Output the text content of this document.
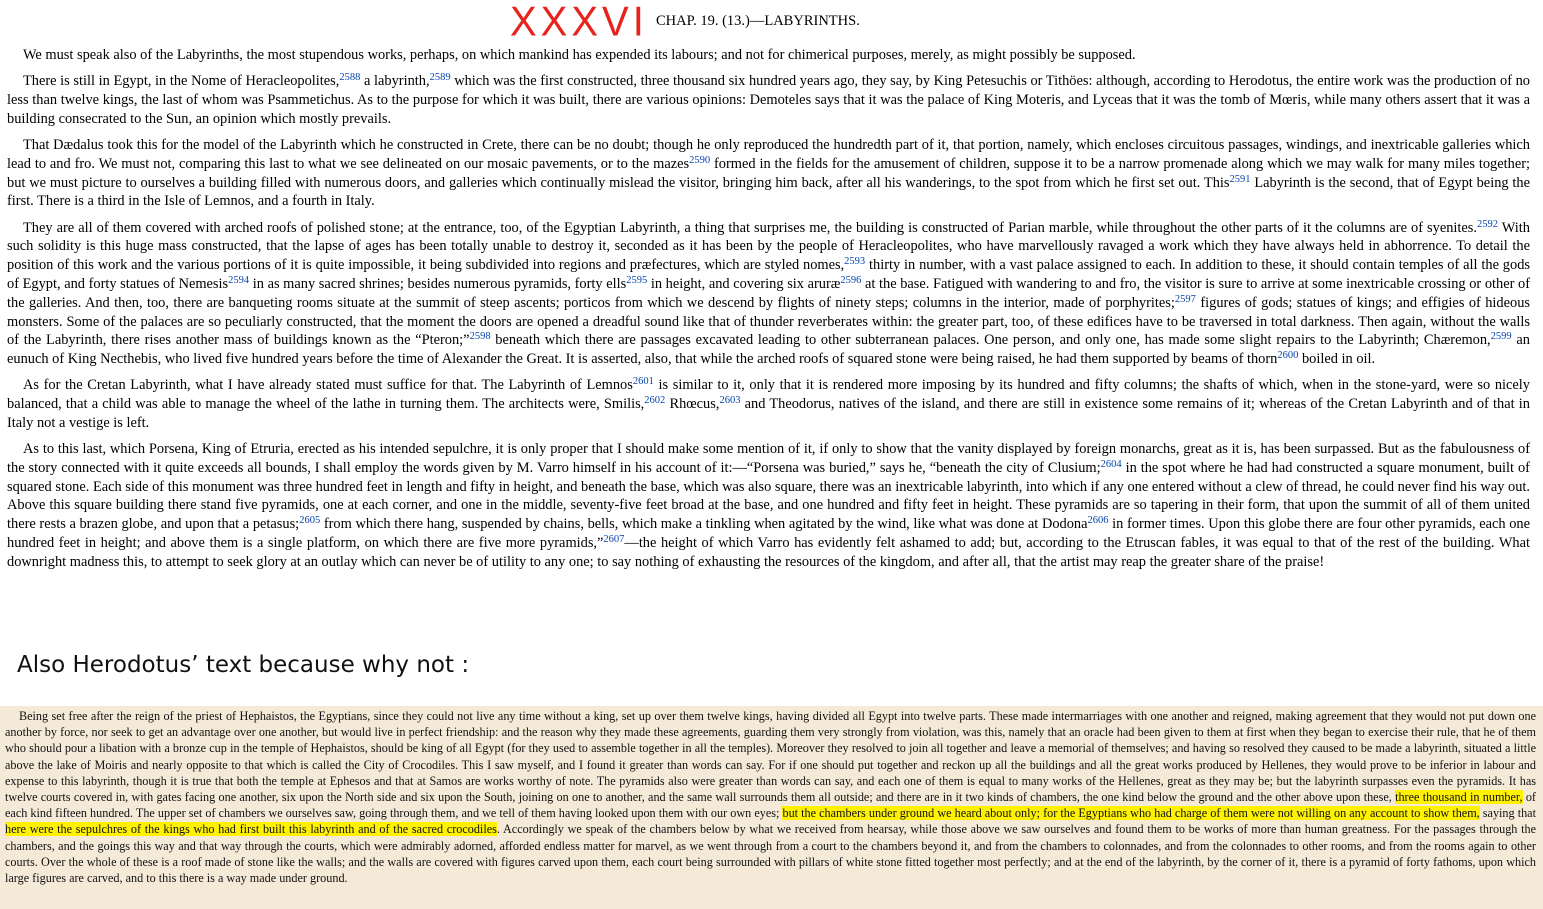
XXXVI CHAP. 19. (13.)—LABYRINTHS.

We must speak also of the Labyrinths, the most stupendous works, perhaps, on which mankind has expended its labours; and not for chimerical purposes, merely, as might possibly be supposed.

There is still in Egypt, in the Nome of Heracleopolites,$^{2588}$ a labyrinth,$^{2589}$ which was the first constructed, three thousand six hundred years ago, they say, by King Petesuchis or Tithöes: although, according to Herodotus, the entire work was the production of no less than twelve kings, the last of whom was Psammetichus. As to the purpose for which it was built, there are various opinions: Demoteles says that it was the palace of King Moteris, and Lyceas that it was the tomb of Mœris, while many others assert that it was a building consecrated to the Sun, an opinion which mostly prevails.

That Dædalus took this for the model of the Labyrinth which he constructed in Crete, there can be no doubt; though he only reproduced the hundredth part of it, that portion, namely, which encloses circuitous passages, windings, and inextricable galleries which lead to and fro. We must not, comparing this last to what we see delineated on our mosaic pavements, or to the mazes$^{2590}$ formed in the fields for the amusement of children, suppose it to be a narrow promenade along which we may walk for many miles together; but we must picture to ourselves a building filled with numerous doors, and galleries which continually mislead the visitor, bringing him back, after all his wanderings, to the spot from which he first set out. This$^{2591}$ Labyrinth is the second, that of Egypt being the first. There is a third in the Isle of Lemnos, and a fourth in Italy.

They are all of them covered with arched roofs of polished stone; at the entrance, too, of the Egyptian Labyrinth, a thing that surprises me, the building is constructed of Parian marble, while throughout the other parts of it the columns are of syenites.$^{2592}$ With such solidity is this huge mass constructed, that the lapse of ages has been totally unable to destroy it, seconded as it has been by the people of Heracleopolites, who have marvellously ravaged a work which they have always held in abhorrence. To detail the position of this work and the various portions of it is quite impossible, it being subdivided into regions and præfectures, which are styled nomes,$^{2593}$ thirty in number, with a vast palace assigned to each. In addition to these, it should contain temples of all the gods of Egypt, and forty statues of Nemesis$^{2594}$ in as many sacred shrines; besides numerous pyramids, forty ells$^{2595}$ in height, and covering six aruræ$^{2596}$ at the base. Fatigued with wandering to and fro, the visitor is sure to arrive at some inextricable crossing or other of the galleries. And then, too, there are banqueting rooms situate at the summit of steep ascents; porticos from which we descend by flights of ninety steps; columns in the interior, made of porphyrites;$^{2597}$ figures of gods; statues of kings; and effigies of hideous monsters. Some of the palaces are so peculiarly constructed, that the moment the doors are opened a dreadful sound like that of thunder reverberates within: the greater part, too, of these edifices have to be traversed in total darkness. Then again, without the walls of the Labyrinth, there rises another mass of buildings known as the “Pteron;”$^{2598}$ beneath which there are passages excavated leading to other subterranean palaces. One person, and only one, has made some slight repairs to the Labyrinth; Chæremon,$^{2599}$ an eunuch of King Necthebis, who lived five hundred years before the time of Alexander the Great. It is asserted, also, that while the arched roofs of squared stone were being raised, he had them supported by beams of thorn$^{2600}$ boiled in oil.

As for the Cretan Labyrinth, what I have already stated must suffice for that. The Labyrinth of Lemnos$^{2601}$ is similar to it, only that it is rendered more imposing by its hundred and fifty columns; the shafts of which, when in the stone-yard, were so nicely balanced, that a child was able to manage the wheel of the lathe in turning them. The architects were, Smilis,$^{2602}$ Rhœcus,$^{2603}$ and Theodorus, natives of the island, and there are still in existence some remains of it; whereas of the Cretan Labyrinth and of that in Italy not a vestige is left.

As to this last, which Porsena, King of Etruria, erected as his intended sepulchre, it is only proper that I should make some mention of it, if only to show that the vanity displayed by foreign monarchs, great as it is, has been surpassed. But as the fabulousness of the story connected with it quite exceeds all bounds, I shall employ the words given by M. Varro himself in his account of it:—“Porsena was buried,” says he, “beneath the city of Clusium;$^{2604}$ in the spot where he had had constructed a square monument, built of squared stone. Each side of this monument was three hundred feet in length and fifty in height, and beneath the base, which was also square, there was an inextricable labyrinth, into which if any one entered without a clew of thread, he could never find his way out. Above this square building there stand five pyramids, one at each corner, and one in the middle, seventy-five feet broad at the base, and one hundred and fifty feet in height. These pyramids are so tapering in their form, that upon the summit of all of them united there rests a brazen globe, and upon that a petasus;$^{2605}$ from which there hang, suspended by chains, bells, which make a tinkling when agitated by the wind, like what was done at Dodona$^{2606}$ in former times. Upon this globe there are four other pyramids, each one hundred feet in height; and above them is a single platform, on which there are five more pyramids,”$^{2607}$—the height of which Varro has evidently felt ashamed to add; but, according to the Etruscan fables, it was equal to that of the rest of the building. What downright madness this, to attempt to seek glory at an outlay which can never be of utility to any one; to say nothing of exhausting the resources of the kingdom, and after all, that the artist may reap the greater share of the praise!

Also Herodotus’ text because why not :

Being set free after the reign of the priest of Hephaistos, the Egyptians, since they could not live any time without a king, set up over them twelve kings, having divided all Egypt into twelve parts. These made intermarriages with one another and reigned, making agreement that they would not put down one another by force, nor seek to get an advantage over one another, but would live in perfect friendship: and the reason why they made these agreements, guarding them very strongly from violation, was this, namely that an oracle had been given to them at first when they began to exercise their rule, that he of them who should pour a libation with a bronze cup in the temple of Hephaistos, should be king of all Egypt (for they used to assemble together in all the temples). Moreover they resolved to join all together and leave a memorial of themselves; and having so resolved they caused to be made a labyrinth, situated a little above the lake of Moiris and nearly opposite to that which is called the City of Crocodiles. This I saw myself, and I found it greater than words can say. For if one should put together and reckon up all the buildings and all the great works produced by Hellenes, they would prove to be inferior in labour and expense to this labyrinth, though it is true that both the temple at Ephesos and that at Samos are works worthy of note. The pyramids also were greater than words can say, and each one of them is equal to many works of the Hellenes, great as they may be; but the labyrinth surpasses even the pyramids. It has twelve courts covered in, with gates facing one another, six upon the North side and six upon the South, joining on one to another, and the same wall surrounds them all outside; and there are in it two kinds of chambers, the one kind below the ground and the other above upon these, three thousand in number, of each kind fifteen hundred. The upper set of chambers we ourselves saw, going through them, and we tell of them having looked upon them with our own eyes; but the chambers under ground we heard about only; for the Egyptians who had charge of them were not willing on any account to show them, saying that here were the sepulchres of the kings who had first built this labyrinth and of the sacred crocodiles. Accordingly we speak of the chambers below by what we received from hearsay, while those above we saw ourselves and found them to be works of more than human greatness. For the passages through the chambers, and the goings this way and that way through the courts, which were admirably adorned, afforded endless matter for marvel, as we went through from a court to the chambers beyond it, and from the chambers to colonnades, and from the colonnades to other rooms, and from the rooms again to other courts. Over the whole of these is a roof made of stone like the walls; and the walls are covered with figures carved upon them, each court being surrounded with pillars of white stone fitted together most perfectly; and at the end of the labyrinth, by the corner of it, there is a pyramid of forty fathoms, upon which large figures are carved, and to this there is a way made under ground.
